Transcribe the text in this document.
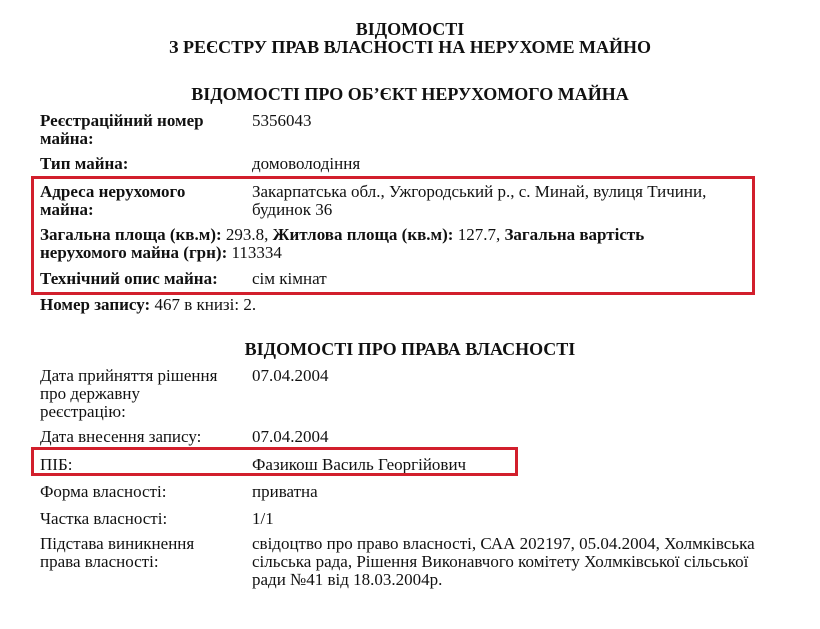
ВІДОМОСТІ
З РЕЄСТРУ ПРАВ ВЛАСНОСТІ НА НЕРУХОМЕ МАЙНО
ВІДОМОСТІ ПРО ОБ’ЄКТ НЕРУХОМОГО МАЙНА
Реєстраційний номер
майна:
5356043
Тип майна:	домоволодіння
Адреса нерухомого
майна:
Закарпатська обл., Ужгородський р., с. Минай, вулиця Тичини,
будинок 36
Загальна площа (кв.м): 293.8, Житлова площа (кв.м): 127.7, Загальна вартість
нерухомого майна (грн): 113334
Технічний опис майна:	сім кімнат
Номер запису: 467 в книзі: 2.
ВІДОМОСТІ ПРО ПРАВА ВЛАСНОСТІ
Дата прийняття рішення
про державну
реєстрацію:
07.04.2004
Дата внесення запису:	07.04.2004
ПІБ:	Фазикош Василь Георгійович
Форма власності:	приватна
Частка власності:	1/1
Підстава виникнення
права власності:
свідоцтво про право власності, САА 202197, 05.04.2004, Холмківська
сільська рада, Рішення Виконавчого комітету Холмківської сільської
ради №41 від 18.03.2004р.
